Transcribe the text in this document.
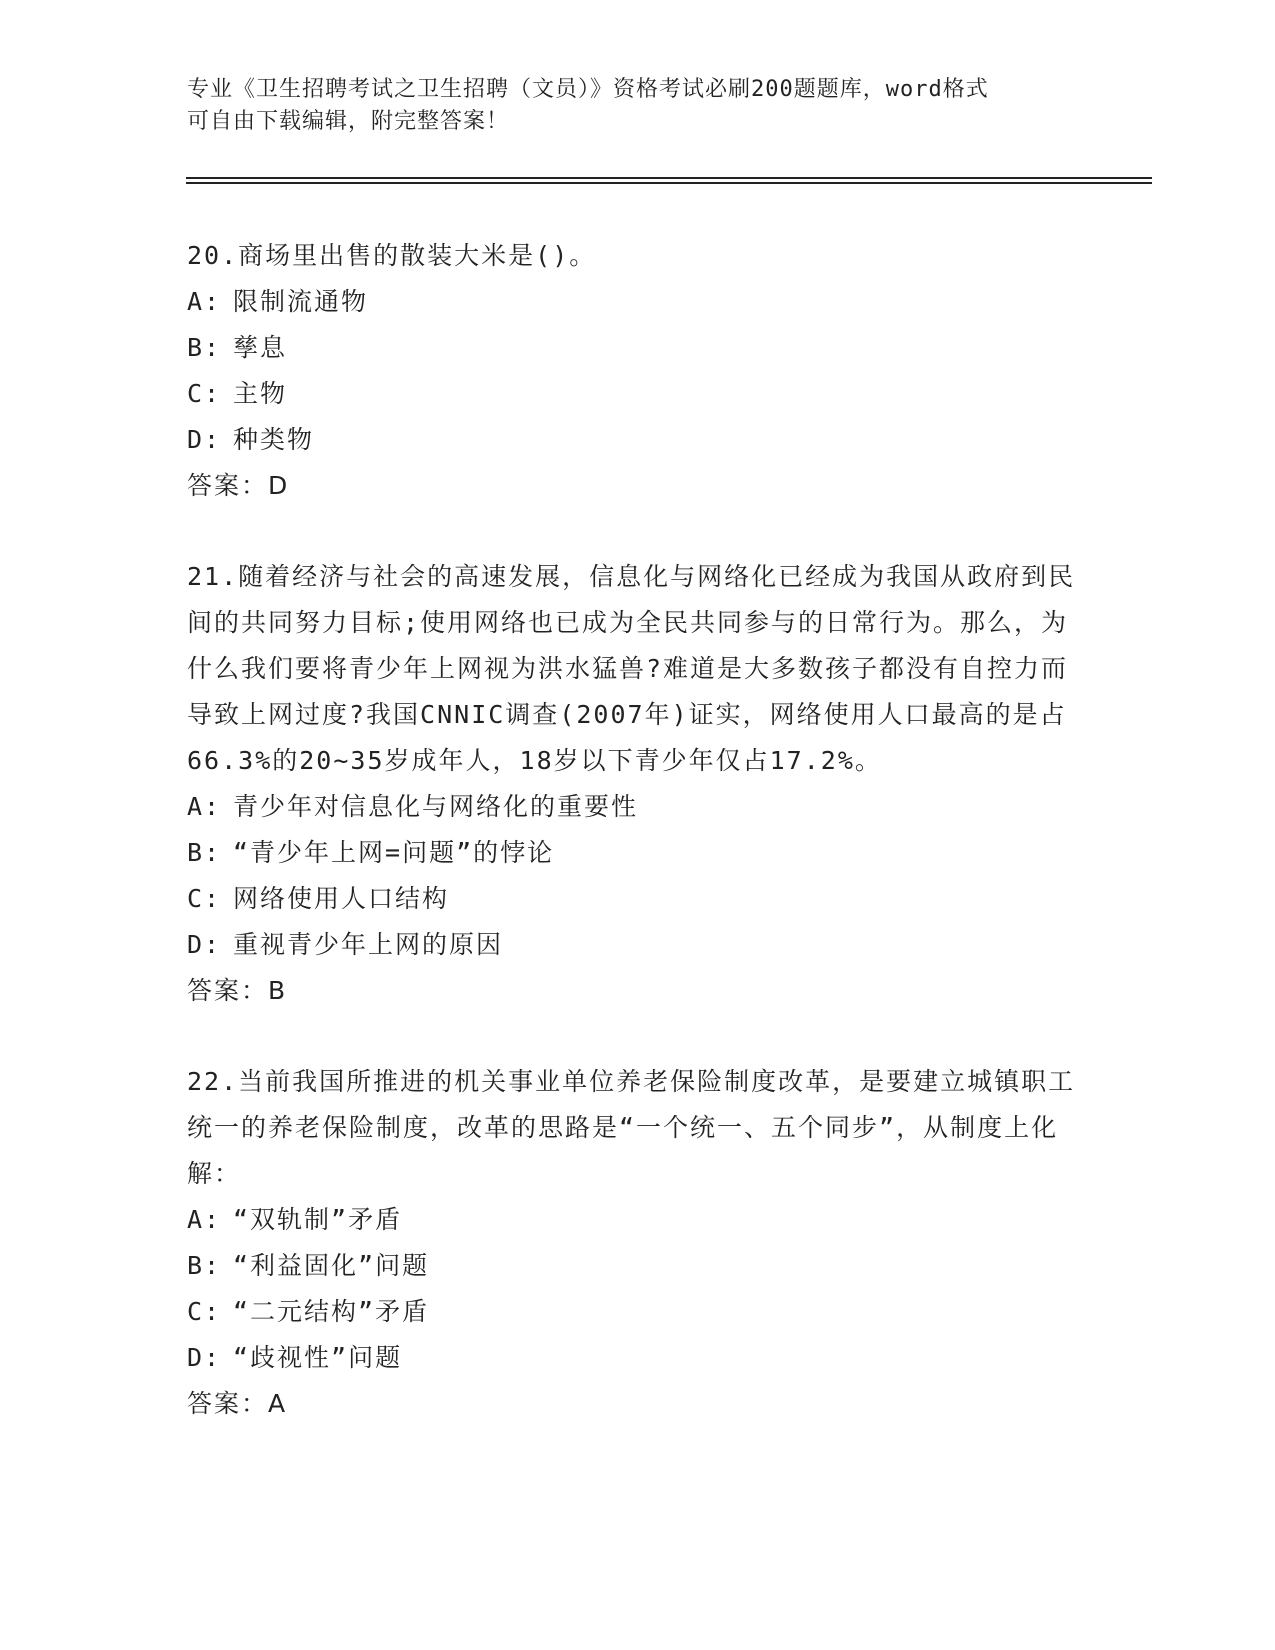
专业《卫生招聘考试之卫生招聘（文员）》资格考试必刷200题题库，word格式
可自由下载编辑，附完整答案！

20.商场里出售的散装大米是()。

A: 限制流通物
B: 孳息
C: 主物
D: 种类物
答案：D

21.随着经济与社会的高速发展，信息化与网络化已经成为我国从政府到民间的共同努力目标;使用网络也已成为全民共同参与的日常行为。那么，为什么我们要将青少年上网视为洪水猛兽?难道是大多数孩子都没有自控力而导致上网过度?我国CNNIC调查(2007年)证实，网络使用人口最高的是占66.3%的20~35岁成年人，18岁以下青少年仅占17.2%。

A: 青少年对信息化与网络化的重要性
B: “青少年上网=问题”的悖论
C: 网络使用人口结构
D: 重视青少年上网的原因
答案：B

22.当前我国所推进的机关事业单位养老保险制度改革，是要建立城镇职工统一的养老保险制度，改革的思路是“一个统一、五个同步”，从制度上化解：

A: “双轨制”矛盾
B: “利益固化”问题
C: “二元结构”矛盾
D: “歧视性”问题
答案：A
